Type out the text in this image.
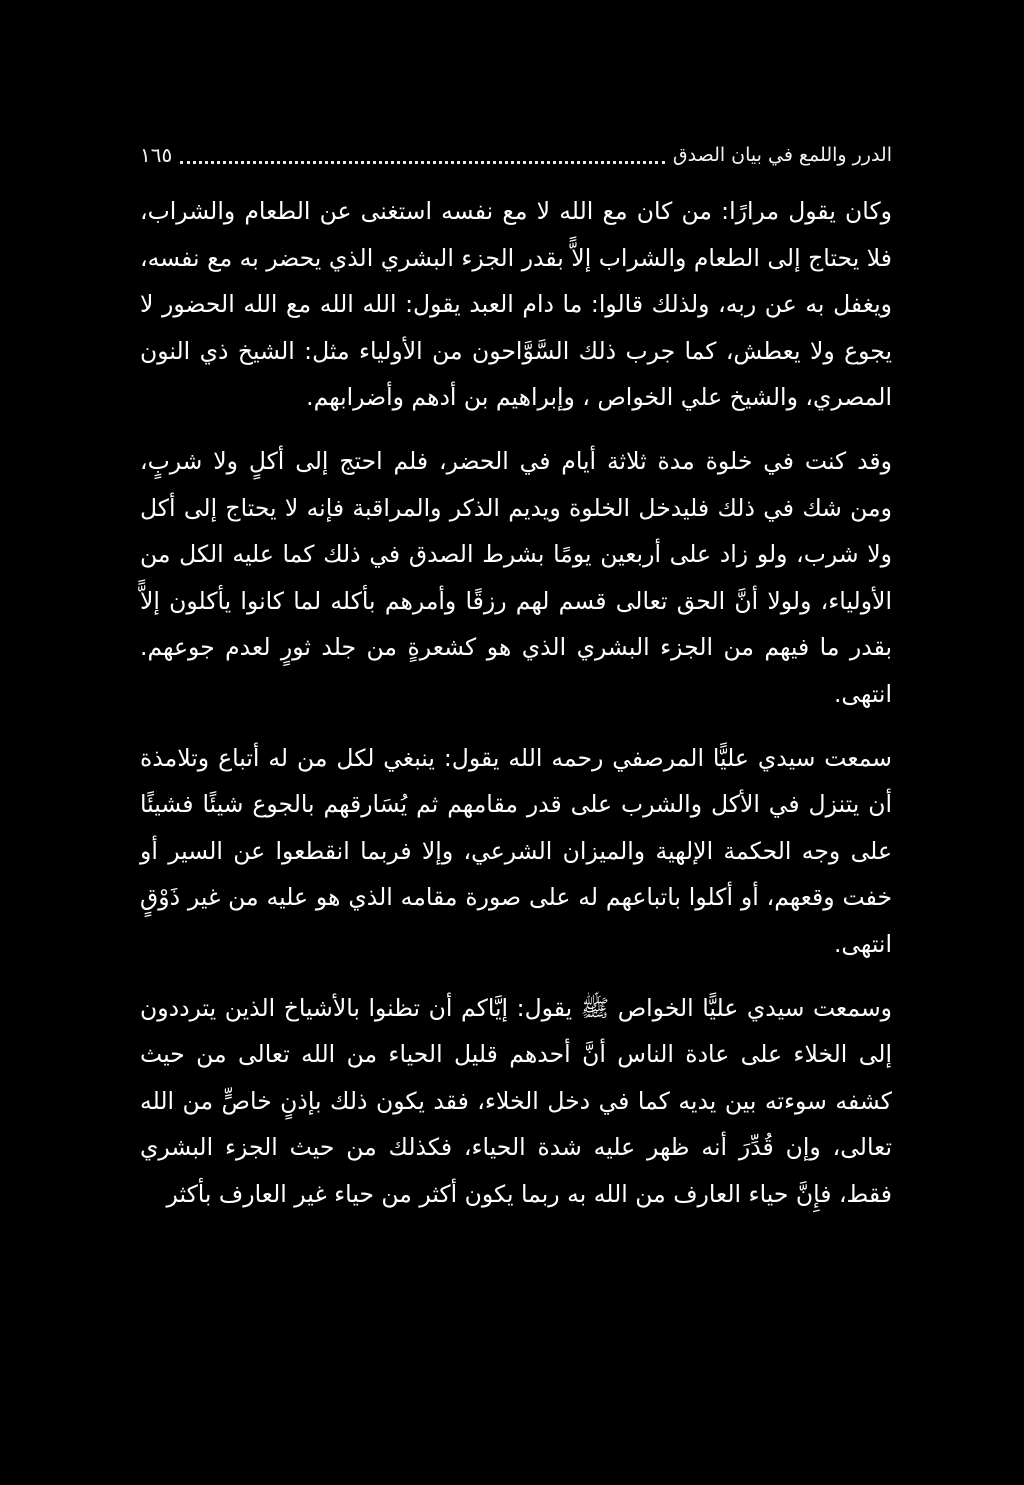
الدرر واللمع في بيان الصدق
١٦٥

وكان يقول مرارًا: من كان مع الله لا مع نفسه استغنى عن الطعام والشراب، فلا يحتاج إلى الطعام والشراب إلاًّ بقدر الجزء البشري الذي يحضر به مع نفسه، ويغفل به عن ربه، ولذلك قالوا: ما دام العبد يقول: الله الله مع الله الحضور لا يجوع ولا يعطش، كما جرب ذلك السَّوَّاحون من الأولياء مثل: الشيخ ذي النون المصري، والشيخ علي الخواص ، وإبراهيم بن أدهم وأضرابهم.

وقد كنت في خلوة مدة ثلاثة أيام في الحضر، فلم احتج إلى أكلٍ ولا شربٍ، ومن شك في ذلك فليدخل الخلوة ويديم الذكر والمراقبة فإنه لا يحتاج إلى أكل ولا شرب، ولو زاد على أربعين يومًا بشرط الصدق في ذلك كما عليه الكل من الأولياء، ولولا أنَّ الحق تعالى قسم لهم رزقًا وأمرهم بأكله لما كانوا يأكلون إلاًّ بقدر ما فيهم من الجزء البشري الذي هو كشعرةٍ من جلد ثورٍ لعدم جوعهم. انتهى.

سمعت سيدي عليًّا المرصفي رحمه الله يقول: ينبغي لكل من له أتباع وتلامذة أن يتنزل في الأكل والشرب على قدر مقامهم ثم يُسَارقهم بالجوع شيئًا فشيئًا على وجه الحكمة الإلهية والميزان الشرعي، وإلا فربما انقطعوا عن السير أو خفت وقعهم، أو أكلوا باتباعهم له على صورة مقامه الذي هو عليه من غير ذَوْقٍ انتهى.

وسمعت سيدي عليًّا الخواص ﷺ يقول: إيَّاكم أن تظنوا بالأشياخ الذين يترددون إلى الخلاء على عادة الناس أنَّ أحدهم قليل الحياء من الله تعالى من حيث كشفه سوءته بين يديه كما في دخل الخلاء، فقد يكون ذلك بإذنٍ خاصٍّ من الله تعالى، وإن قُدِّرَ أنه ظهر عليه شدة الحياء، فكذلك من حيث الجزء البشري فقط، فإِنَّ حياء العارف من الله به ربما يكون أكثر من حياء غير العارف بأكثر
